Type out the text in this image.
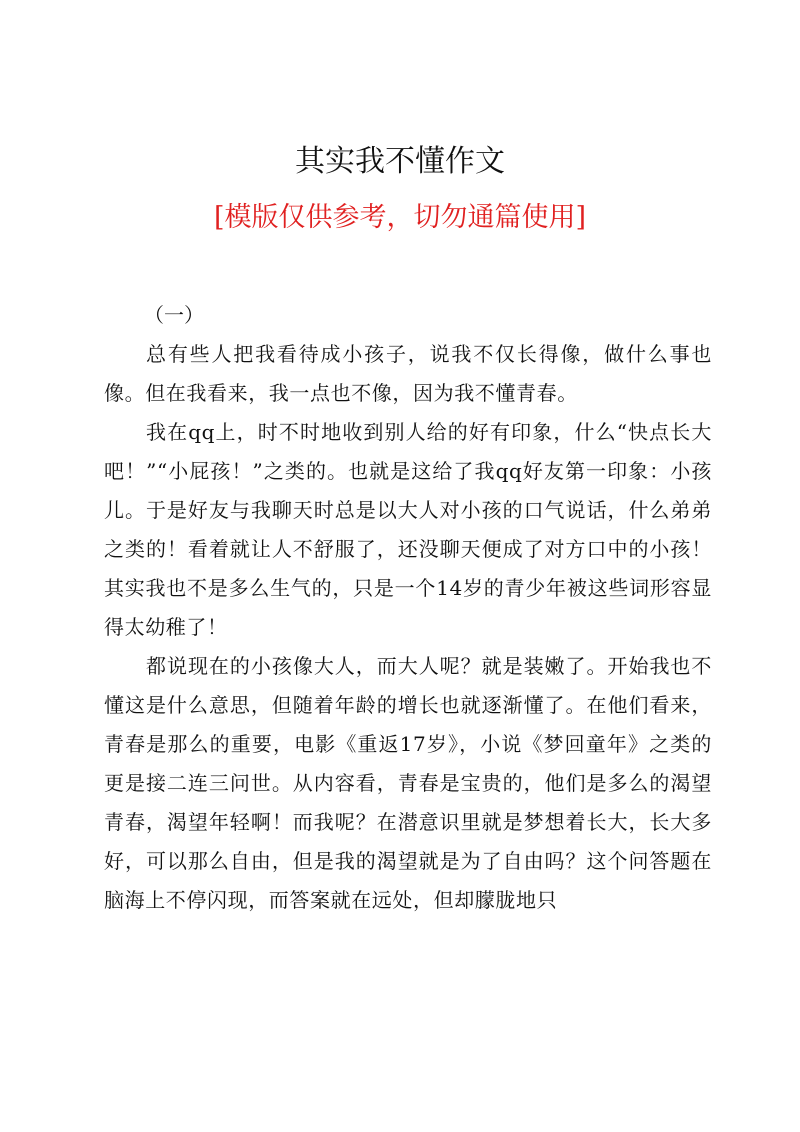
其实我不懂作文

[模版仅供参考，切勿通篇使用]

（一）

总有些人把我看待成小孩子，说我不仅长得像，做什么事也像。但在我看来，我一点也不像，因为我不懂青春。

我在qq上，时不时地收到别人给的好有印象，什么“快点长大吧！”“小屁孩！”之类的。也就是这给了我qq好友第一印象：小孩儿。于是好友与我聊天时总是以大人对小孩的口气说话，什么弟弟之类的！看着就让人不舒服了，还没聊天便成了对方口中的小孩！其实我也不是多么生气的，只是一个14岁的青少年被这些词形容显得太幼稚了！

都说现在的小孩像大人，而大人呢？就是装嫩了。开始我也不懂这是什么意思，但随着年龄的增长也就逐渐懂了。在他们看来，青春是那么的重要，电影《重返17岁》，小说《梦回童年》之类的更是接二连三问世。从内容看，青春是宝贵的，他们是多么的渴望青春，渴望年轻啊！而我呢？在潜意识里就是梦想着长大，长大多好，可以那么自由，但是我的渴望就是为了自由吗？这个问答题在脑海上不停闪现，而答案就在远处，但却朦胧地只
